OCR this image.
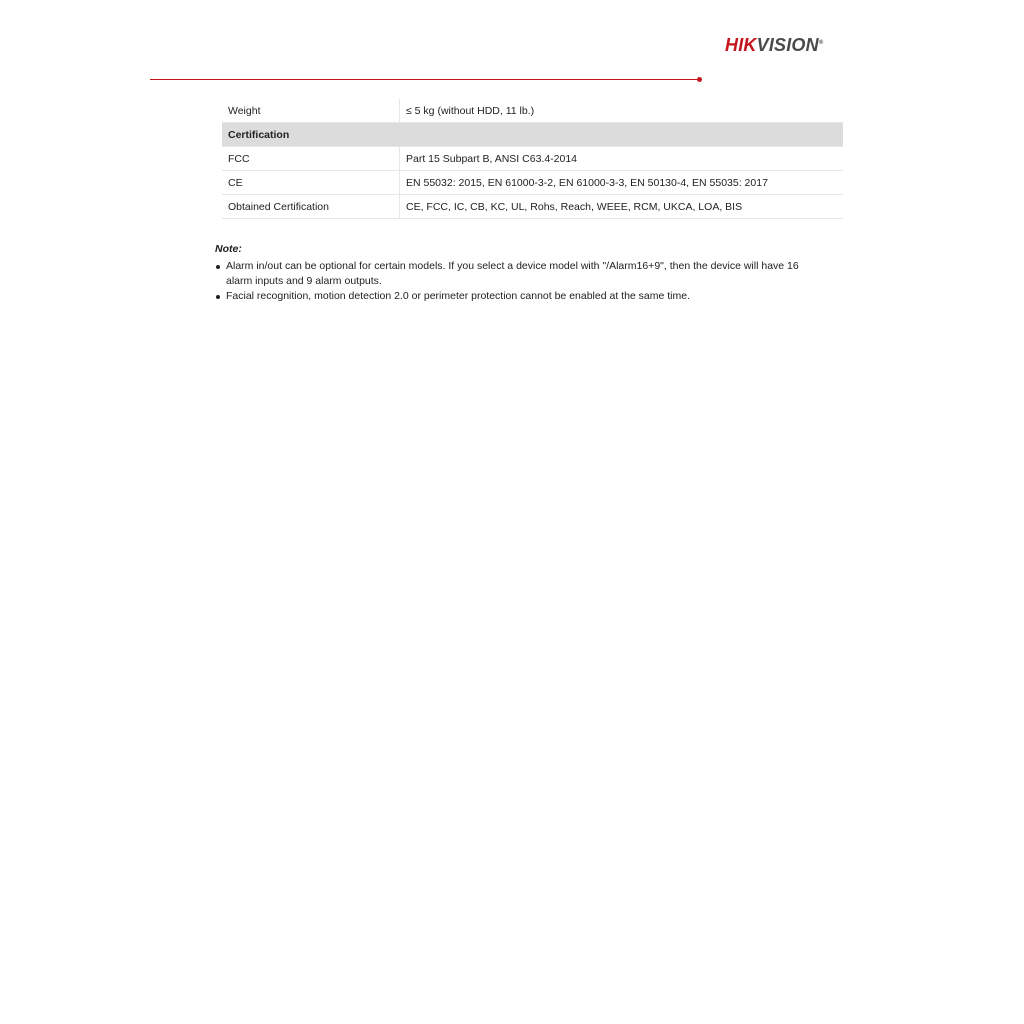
HIKVISION®
Weight	≤ 5 kg (without HDD, 11 lb.)
Certification	
FCC	Part 15 Subpart B, ANSI C63.4-2014
CE	EN 55032: 2015, EN 61000-3-2, EN 61000-3-3, EN 50130-4, EN 55035: 2017
Obtained Certification	CE, FCC, IC, CB, KC, UL, Rohs, Reach, WEEE, RCM, UKCA, LOA, BIS
Note:
Alarm in/out can be optional for certain models. If you select a device model with "/Alarm16+9", then the device will have 16 alarm inputs and 9 alarm outputs.
Facial recognition, motion detection 2.0 or perimeter protection cannot be enabled at the same time.
